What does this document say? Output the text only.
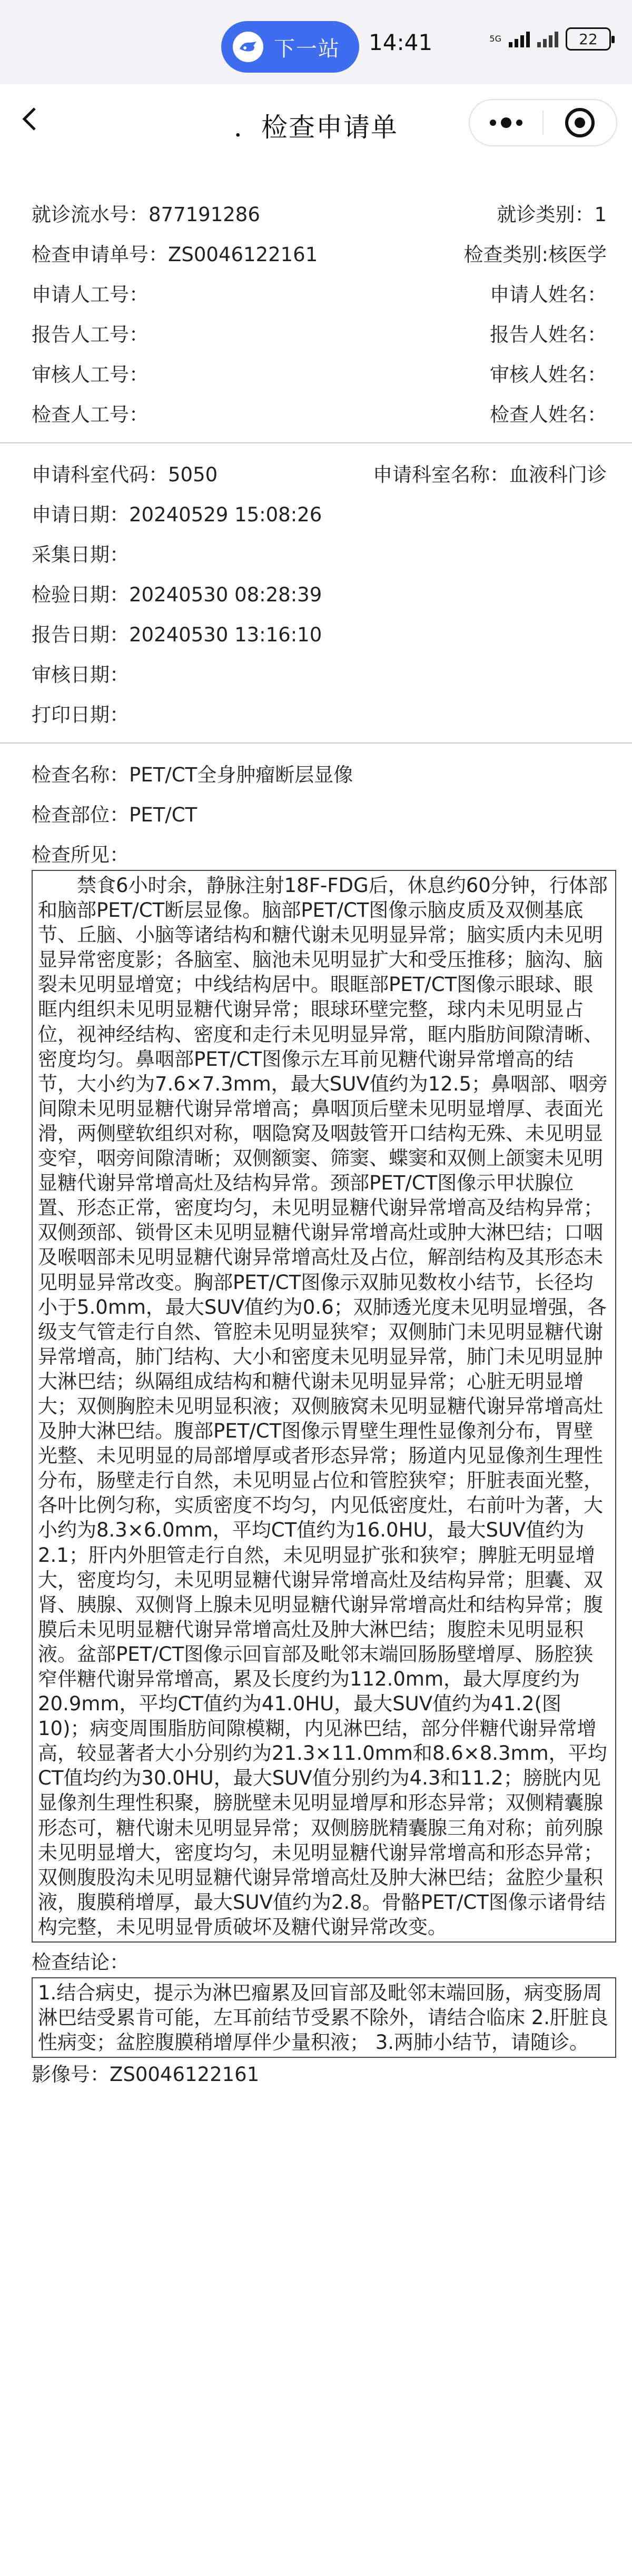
下一站 14:41	5G	22
．检查申请单
就诊流水号：877191286	就诊类别：1
检查申请单号：ZS0046122161	检查类别:核医学
申请人工号：	申请人姓名：
报告人工号：	报告人姓名：
审核人工号：	审核人姓名：
检查人工号：	检查人姓名：
申请科室代码：5050	申请科室名称：血液科门诊
申请日期：20240529 15:08:26
采集日期：
检验日期：20240530 08:28:39
报告日期：20240530 13:16:10
审核日期：
打印日期：
检查名称：PET/CT全身肿瘤断层显像
检查部位：PET/CT
检查所见：

禁食6小时余，静脉注射18F-FDG后，休息约60分钟，行体部和脑部PET/CT断层显像。脑部PET/CT图像示脑皮质及双侧基底节、丘脑、小脑等诸结构和糖代谢未见明显异常；脑实质内未见明显异常密度影；各脑室、脑池未见明显扩大和受压推移；脑沟、脑裂未见明显增宽；中线结构居中。眼眶部PET/CT图像示眼球、眼眶内组织未见明显糖代谢异常；眼球环壁完整，球内未见明显占位，视神经结构、密度和走行未见明显异常，眶内脂肪间隙清晰、密度均匀。鼻咽部PET/CT图像示左耳前见糖代谢异常增高的结节，大小约为7.6×7.3mm，最大SUV值约为12.5；鼻咽部、咽旁间隙未见明显糖代谢异常增高；鼻咽顶后壁未见明显增厚、表面光滑，两侧壁软组织对称，咽隐窝及咽鼓管开口结构无殊、未见明显变窄，咽旁间隙清晰；双侧额窦、筛窦、蝶窦和双侧上颌窦未见明显糖代谢异常增高灶及结构异常。颈部PET/CT图像示甲状腺位置、形态正常，密度均匀，未见明显糖代谢异常增高及结构异常；双侧颈部、锁骨区未见明显糖代谢异常增高灶或肿大淋巴结；口咽及喉咽部未见明显糖代谢异常增高灶及占位，解剖结构及其形态未见明显异常改变。胸部PET/CT图像示双肺见数枚小结节，长径均小于5.0mm，最大SUV值约为0.6；双肺透光度未见明显增强，各级支气管走行自然、管腔未见明显狭窄；双侧肺门未见明显糖代谢异常增高，肺门结构、大小和密度未见明显异常，肺门未见明显肿大淋巴结；纵隔组成结构和糖代谢未见明显异常；心脏无明显增大；双侧胸腔未见明显积液；双侧腋窝未见明显糖代谢异常增高灶及肿大淋巴结。腹部PET/CT图像示胃壁生理性显像剂分布，胃壁光整、未见明显的局部增厚或者形态异常；肠道内见显像剂生理性分布，肠壁走行自然，未见明显占位和管腔狭窄；肝脏表面光整，各叶比例匀称，实质密度不均匀，内见低密度灶，右前叶为著，大小约为8.3×6.0mm，平均CT值约为16.0HU，最大SUV值约为2.1；肝内外胆管走行自然，未见明显扩张和狭窄；脾脏无明显增大，密度均匀，未见明显糖代谢异常增高灶及结构异常；胆囊、双肾、胰腺、双侧肾上腺未见明显糖代谢异常增高灶和结构异常；腹膜后未见明显糖代谢异常增高灶及肿大淋巴结；腹腔未见明显积液。盆部PET/CT图像示回盲部及毗邻末端回肠肠壁增厚、肠腔狭窄伴糖代谢异常增高，累及长度约为112.0mm，最大厚度约为20.9mm，平均CT值约为41.0HU，最大SUV值约为41.2(图10)；病变周围脂肪间隙模糊，内见淋巴结，部分伴糖代谢异常增高，较显著者大小分别约为21.3×11.0mm和8.6×8.3mm，平均CT值均约为30.0HU，最大SUV值分别约为4.3和11.2；膀胱内见显像剂生理性积聚，膀胱壁未见明显增厚和形态异常；双侧精囊腺形态可，糖代谢未见明显异常；双侧膀胱精囊腺三角对称；前列腺未见明显增大，密度均匀，未见明显糖代谢异常增高和形态异常；双侧腹股沟未见明显糖代谢异常增高灶及肿大淋巴结；盆腔少量积液，腹膜稍增厚，最大SUV值约为2.8。骨骼PET/CT图像示诸骨结构完整，未见明显骨质破坏及糖代谢异常改变。

检查结论：
1.结合病史，提示为淋巴瘤累及回盲部及毗邻末端回肠，病变肠周淋巴结受累肯可能，左耳前结节受累不除外，请结合临床 2.肝脏良性病变；盆腔腹膜稍增厚伴少量积液； 3.两肺小结节，请随诊。
影像号：ZS0046122161
